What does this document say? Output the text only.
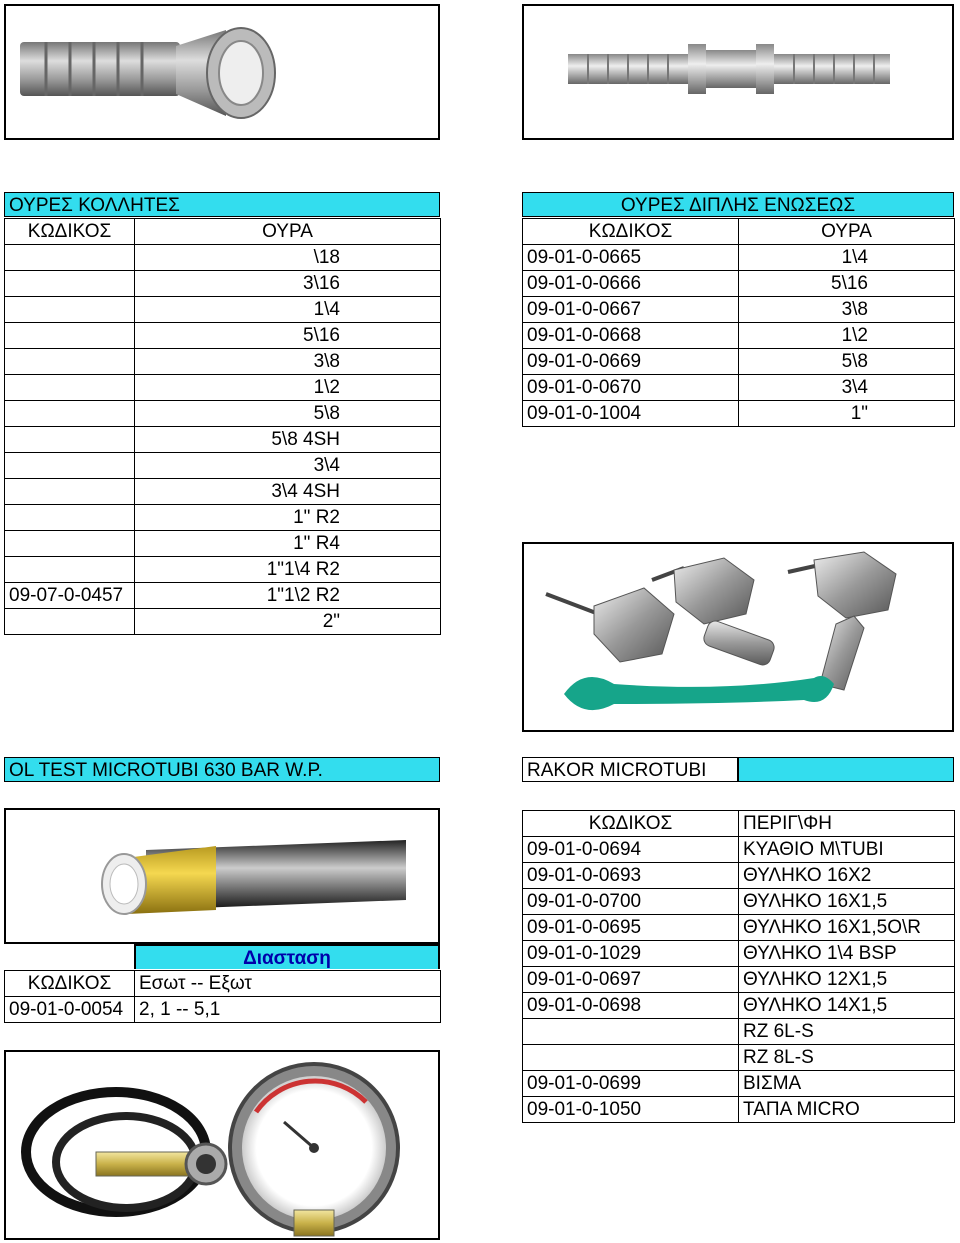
ΟΥΡΕΣ ΚΟΛΛΗΤΕΣ
ΚΩΔΙΚΟΣ	ΟΥΡΑ
	\18
	3\16
	1\4
	5\16
	3\8
	1\2
	5\8
	5\8 4SH
	3\4
	3\4 4SH
	1" R2
	1" R4
	1"1\4 R2
09-07-0-0457	1"1\2 R2
	2"
ΟΥΡΕΣ ΔΙΠΛΗΣ ΕΝΩΣΕΩΣ
ΚΩΔΙΚΟΣ	ΟΥΡΑ
09-01-0-0665	1\4
09-01-0-0666	5\16
09-01-0-0667	3\8
09-01-0-0668	1\2
09-01-0-0669	5\8
09-01-0-0670	3\4
09-01-0-1004	1"
OL TEST MICROTUBI 630 BAR W.P.	RAKOR MICROTUBI
Διασταση
ΚΩΔΙΚΟΣ	Εσωτ -- Εξωτ
09-01-0-0054	2, 1 -- 5,1
ΚΩΔΙΚΟΣ	ΠΕΡΙΓ\ΦΗ
09-01-0-0694	ΚΥΑΘΙΟ Μ\TUBI
09-01-0-0693	ΘΥΛΗΚΟ 16Χ2
09-01-0-0700	ΘΥΛΗΚΟ 16Χ1,5
09-01-0-0695	ΘΥΛΗΚΟ 16Χ1,5Ο\R
09-01-0-1029	ΘΥΛΗΚΟ 1\4 BSP
09-01-0-0697	ΘΥΛΗΚΟ 12Χ1,5
09-01-0-0698	ΘΥΛΗΚΟ 14Χ1,5
	RZ 6L-S
	RZ 8L-S
09-01-0-0699	ΒΙΣΜΑ
09-01-0-1050	ΤΑΠΑ MICRO
